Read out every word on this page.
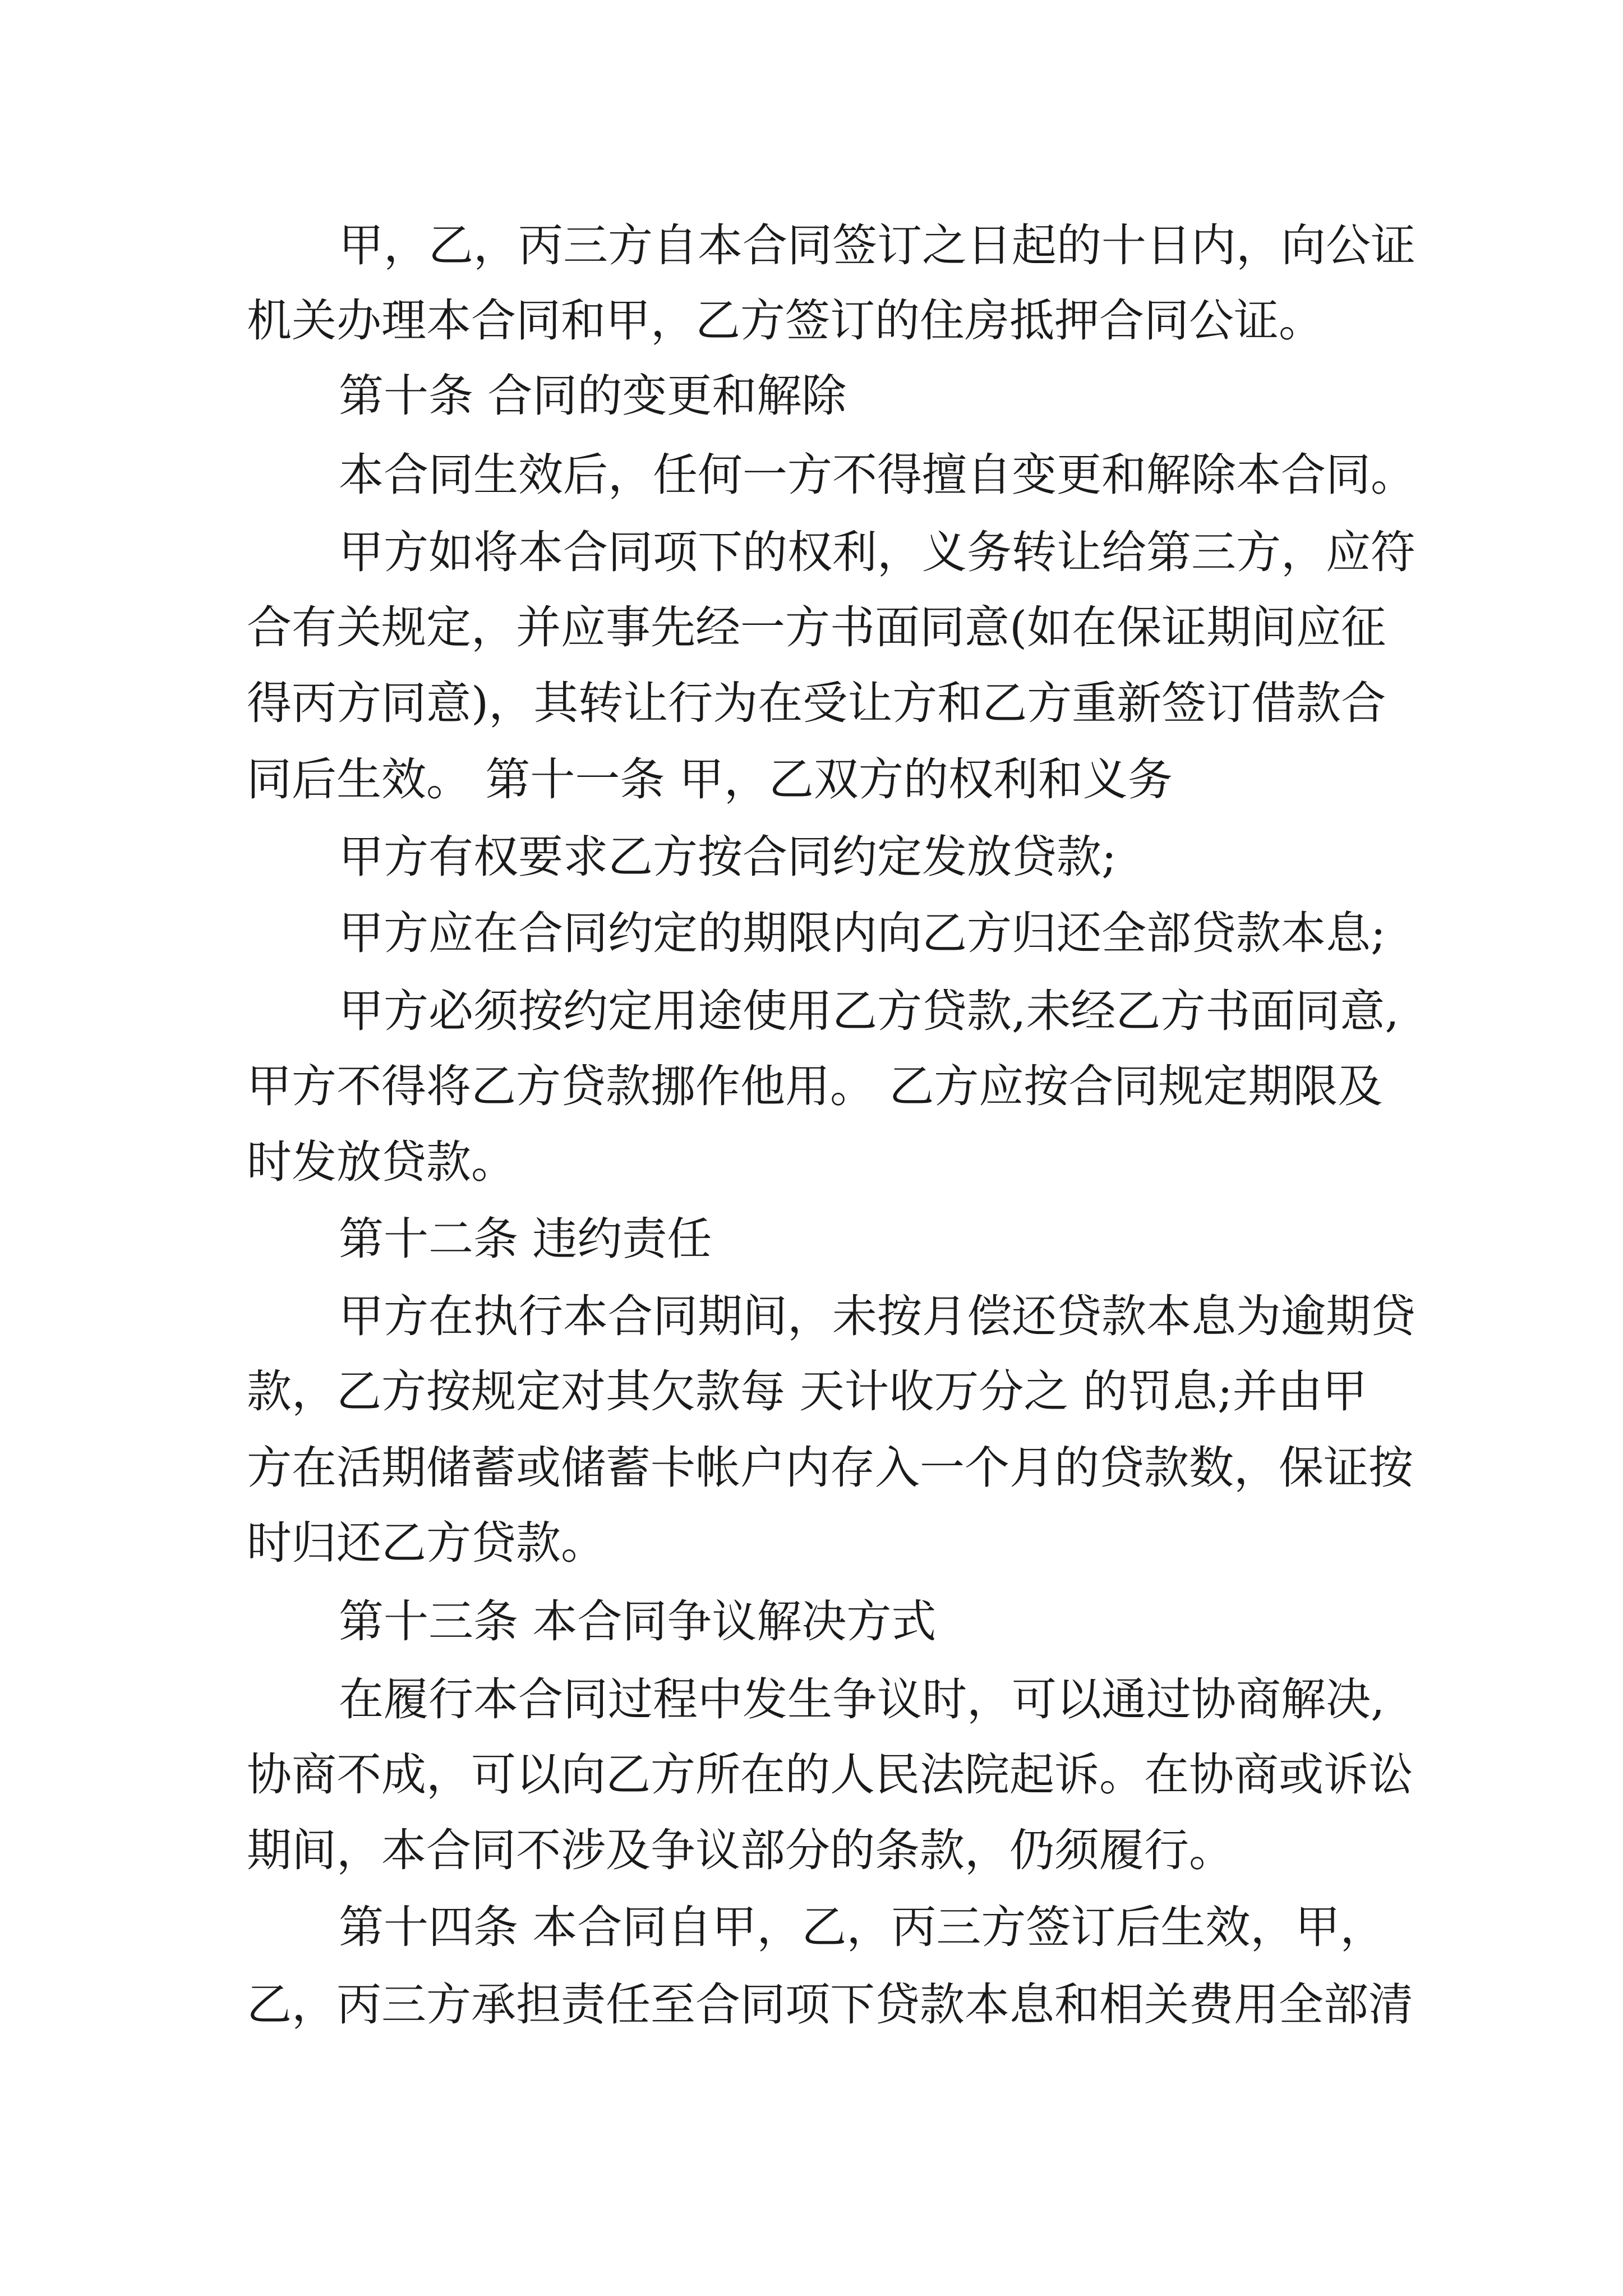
甲，乙，丙三方自本合同签订之日起的十日内，向公证

机关办理本合同和甲，乙方签订的住房抵押合同公证。

第十条 合同的变更和解除

本合同生效后，任何一方不得擅自变更和解除本合同。

甲方如将本合同项下的权利，义务转让给第三方，应符

合有关规定，并应事先经一方书面同意(如在保证期间应征

得丙方同意)，其转让行为在受让方和乙方重新签订借款合

同后生效。 第十一条 甲，乙双方的权利和义务

甲方有权要求乙方按合同约定发放贷款;

甲方应在合同约定的期限内向乙方归还全部贷款本息;

甲方必须按约定用途使用乙方贷款,未经乙方书面同意,

甲方不得将乙方贷款挪作他用。 乙方应按合同规定期限及

时发放贷款。

第十二条 违约责任

甲方在执行本合同期间，未按月偿还贷款本息为逾期贷

款，乙方按规定对其欠款每 天计收万分之 的罚息;并由甲

方在活期储蓄或储蓄卡帐户内存入一个月的贷款数，保证按

时归还乙方贷款。

第十三条 本合同争议解决方式

在履行本合同过程中发生争议时，可以通过协商解决,

协商不成，可以向乙方所在的人民法院起诉。在协商或诉讼

期间，本合同不涉及争议部分的条款，仍须履行。

第十四条 本合同自甲，乙，丙三方签订后生效，甲，

乙，丙三方承担责任至合同项下贷款本息和相关费用全部清
